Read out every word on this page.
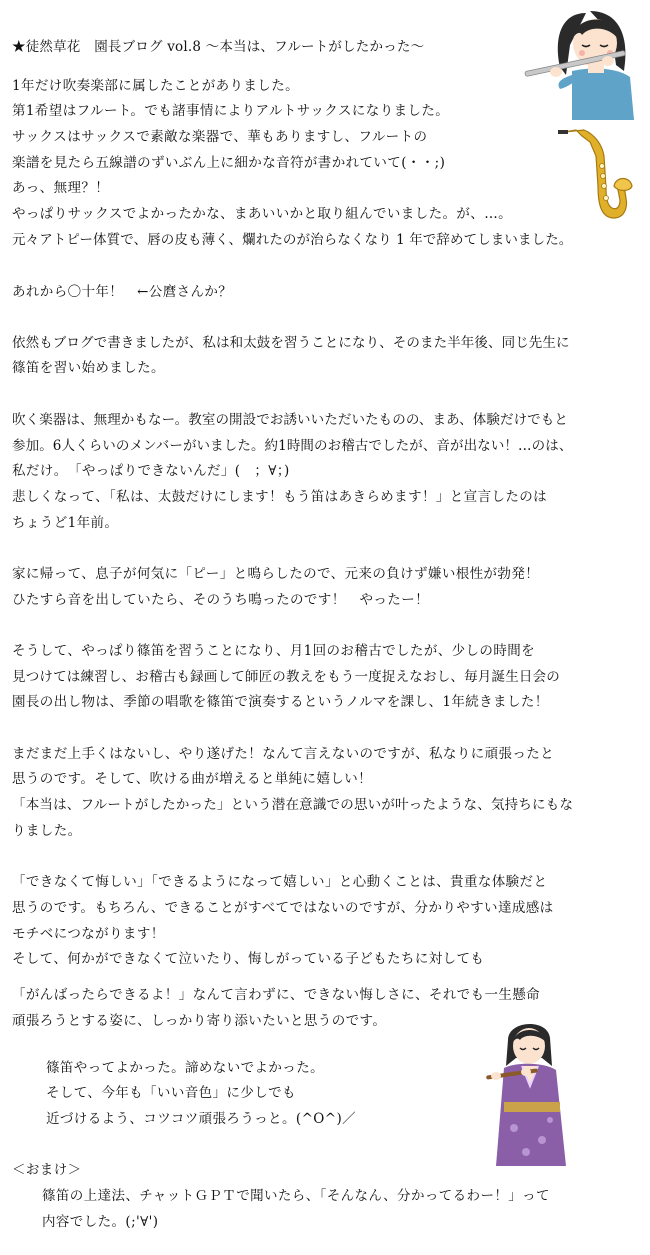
★徒然草花　園長ブログ vol.8 ～本当は、フルートがしたかった～
1年だけ吹奏楽部に属したことがありました。
第1希望はフルート。でも諸事情によりアルトサックスになりました。
サックスはサックスで素敵な楽器で、華もありますし、フルートの
楽譜を見たら五線譜のずいぶん上に細かな音符が書かれていて(・・;)
あっ、無理？！
やっぱりサックスでよかったかな、まあいいかと取り組んでいました。が、…。
元々アトピー体質で、唇の皮も薄く、爛れたのが治らなくなり 1 年で辞めてしまいました。
あれから〇十年！　←公麿さんか？
依然もブログで書きましたが、私は和太鼓を習うことになり、そのまた半年後、同じ先生に
篠笛を習い始めました。
吹く楽器は、無理かもなー。教室の開設でお誘いいただいたものの、まあ、体験だけでもと
参加。6人くらいのメンバーがいました。約1時間のお稽古でしたが、音が出ない！…のは、
私だけ。　「やっぱりできないんだ」(　；∀；)
悲しくなって、「私は、太鼓だけにします！もう笛はあきらめます！」と宣言したのは
ちょうど1年前。
家に帰って、息子が何気に「ピー」と鳴らしたので、元来の負けず嫌い根性が勃発！
ひたすら音を出していたら、そのうち鳴ったのです！　やったー！
そうして、やっぱり篠笛を習うことになり、月1回のお稽古でしたが、少しの時間を
見つけては練習し、お稽古も録画して師匠の教えをもう一度捉えなおし、毎月誕生日会の
園長の出し物は、季節の唱歌を篠笛で演奏するというノルマを課し、1年続きました！
まだまだ上手くはないし、やり遂げた！なんて言えないのですが、私なりに頑張ったと
思うのです。そして、吹ける曲が増えると単純に嬉しい！
「本当は、フルートがしたかった」という潜在意識での思いが叶ったような、気持ちにもな
りました。
「できなくて悔しい」「できるようになって嬉しい」と心動くことは、貴重な体験だと
思うのです。もちろん、できることがすべてではないのですが、分かりやすい達成感は
モチベにつながります！
そして、何かができなくて泣いたり、悔しがっている子どもたちに対しても
「がんばったらできるよ！」なんて言わずに、できない悔しさに、それでも一生懸命
頑張ろうとする姿に、しっかり寄り添いたいと思うのです。
篠笛やってよかった。諦めないでよかった。
そして、今年も「いい音色」に少しでも
近づけるよう、コツコツ頑張ろうっと。(^O^)／
＜おまけ＞
篠笛の上達法、チャットＧＰＴで聞いたら、「そんなん、分かってるわー！」って
内容でした。(;'∀')
